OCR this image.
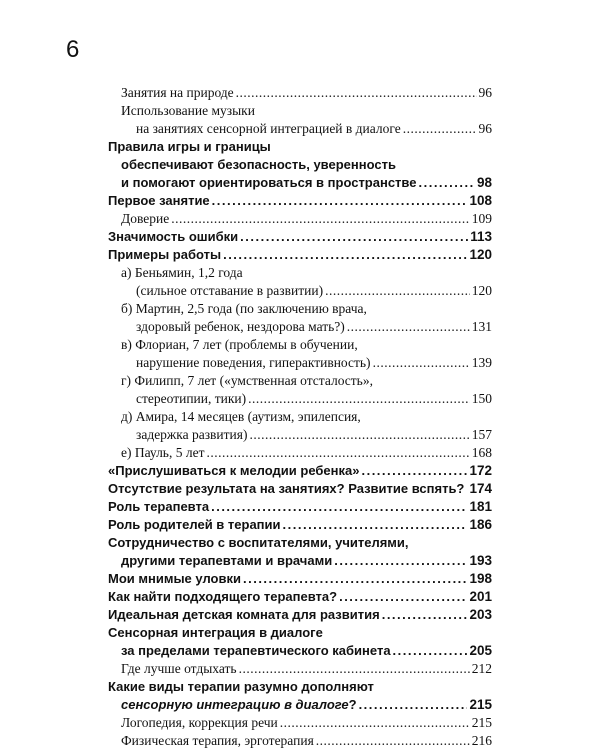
6
Занятия на природе .....	96
Использование музыки
на занятиях сенсорной интеграцией в диалоге .....	96
Правила игры и границы
обеспечивают безопасность, уверенность
и помогают ориентироваться в пространстве .....	98
Первое занятие .....	108
Доверие .....	109
Значимость ошибки .....	113
Примеры работы .....	120
а) Беньямин, 1,2 года
(сильное отставание в развитии) .....	120
б) Мартин, 2,5 года (по заключению врача,
здоровый ребенок, нездорова мать?) .....	131
в) Флориан, 7 лет (проблемы в обучении,
нарушение поведения, гиперактивность) .....	139
г) Филипп, 7 лет («умственная отсталость»,
стереотипии, тики) .....	150
д) Амира, 14 месяцев (аутизм, эпилепсия,
задержка развития) .....	157
е) Пауль, 5 лет .....	168
«Прислушиваться к мелодии ребенка» .....	172
Отсутствие результата на занятиях? Развитие вспять? ..... 174
Роль терапевта .....	181
Роль родителей в терапии .....	186
Сотрудничество с воспитателями, учителями,
другими терапевтами и врачами .....	193
Мои мнимые уловки .....	198
Как найти подходящего терапевта? .....	201
Идеальная детская комната для развития .....	203
Сенсорная интеграция в диалоге
за пределами терапевтического кабинета .....	205
Где лучше отдыхать .....	212
Какие виды терапии разумно дополняют
сенсорную интеграцию в диалоге? .....	215
Логопедия, коррекция речи .....	215
Физическая терапия, эрготерапия .....	216
